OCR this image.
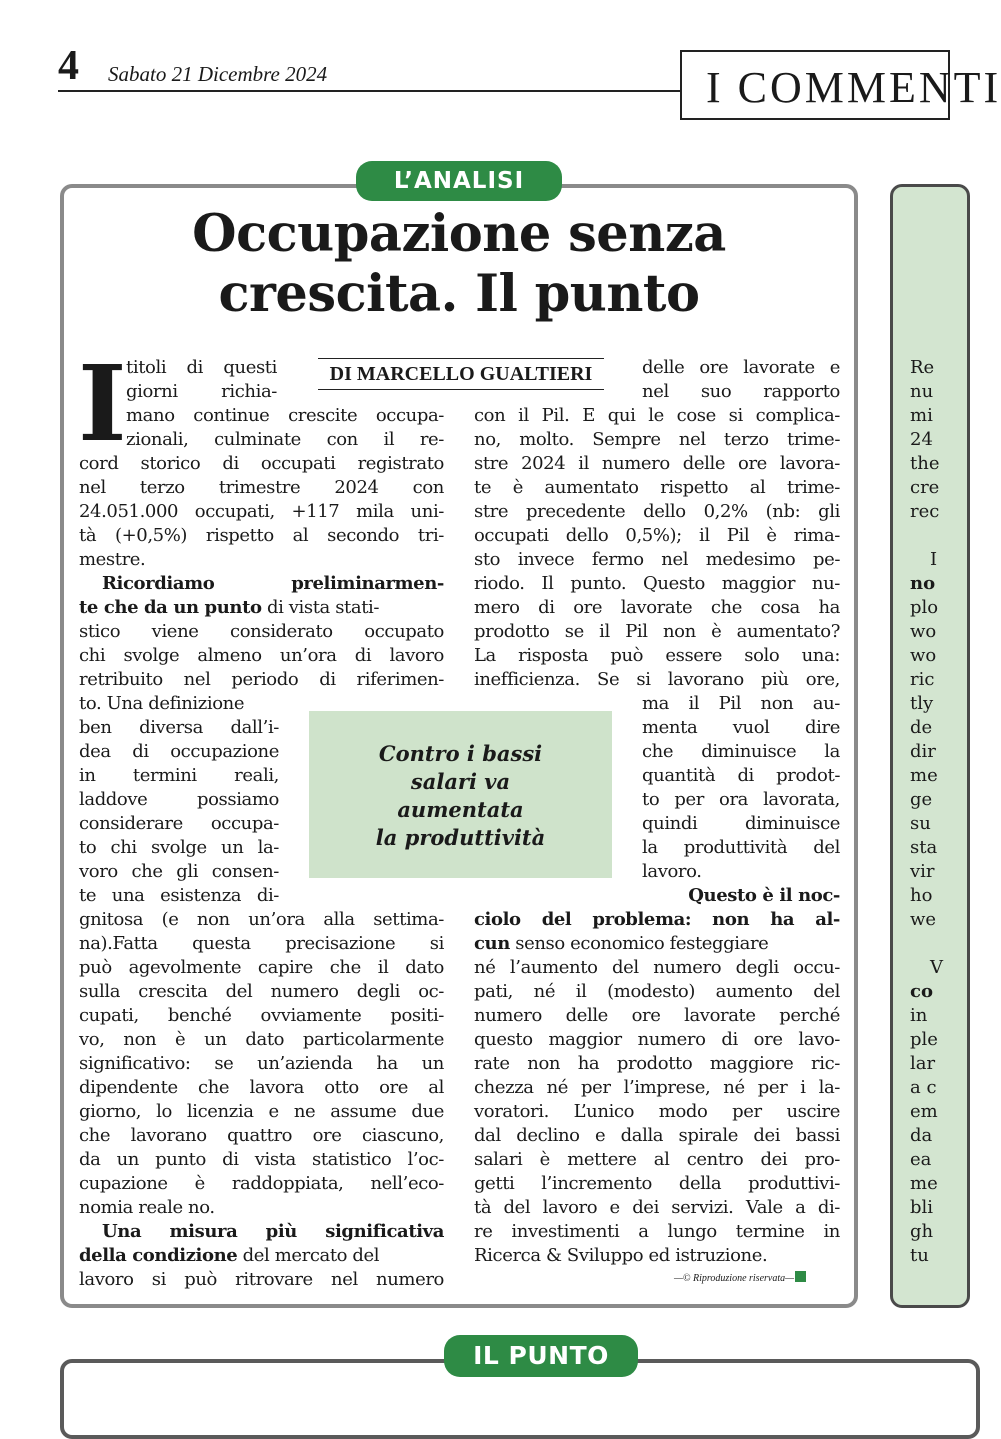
4 Sabato 21 Dicembre 2024	I COMMENTI
L’ANALISI
Occupazione senza
crescita. Il punto
DI MARCELLO GUALTIERI
I titoli di questi
giorni richia-
mano continue crescite occupa-
zionali, culminate con il re-
cord storico di occupati registrato
nel terzo trimestre 2024 con
24.051.000 occupati, +117 mila uni-
tà (+0,5%) rispetto al secondo tri-
mestre.
Ricordiamo preliminarmen-
te che da un punto di vista stati-
stico viene considerato occupato
chi svolge almeno un’ora di lavoro
retribuito nel periodo di riferimen-
to. Una definizione
ben diversa dall’i-
dea di occupazione
in termini reali,
laddove possiamo
considerare occupa-
to chi svolge un la-
voro che gli consen-
te una esistenza di-
gnitosa (e non un’ora alla settima-
na).Fatta questa precisazione si
può agevolmente capire che il dato
sulla crescita del numero degli oc-
cupati, benché ovviamente positi-
vo, non è un dato particolarmente
significativo: se un’azienda ha un
dipendente che lavora otto ore al
giorno, lo licenzia e ne assume due
che lavorano quattro ore ciascuno,
da un punto di vista statistico l’oc-
cupazione è raddoppiata, nell’eco-
nomia reale no.
Una misura più significativa
della condizione del mercato del
lavoro si può ritrovare nel numero
delle ore lavorate e
nel suo rapporto
con il Pil. E qui le cose si complica-
no, molto. Sempre nel terzo trime-
stre 2024 il numero delle ore lavora-
te è aumentato rispetto al trime-
stre precedente dello 0,2% (nb: gli
occupati dello 0,5%); il Pil è rima-
sto invece fermo nel medesimo pe-
riodo. Il punto. Questo maggior nu-
mero di ore lavorate che cosa ha
prodotto se il Pil non è aumentato?
La risposta può essere solo una:
inefficienza. Se si lavorano più ore,
ma il Pil non au-
menta vuol dire
che diminuisce la
quantità di prodot-
to per ora lavorata,
quindi diminuisce
la produttività del
lavoro.
Questo è il noc-
ciolo del problema: non ha al-
cun senso economico festeggiare
né l’aumento del numero degli occu-
pati, né il (modesto) aumento del
numero delle ore lavorate perché
questo maggior numero di ore lavo-
rate non ha prodotto maggiore ric-
chezza né per l’imprese, né per i la-
voratori. L’unico modo per uscire
dal declino e dalla spirale dei bassi
salari è mettere al centro dei pro-
getti l’incremento della produttivi-
tà del lavoro e dei servizi. Vale a di-
re investimenti a lungo termine in
Ricerca & Sviluppo ed istruzione.
Contro i bassi
salari va
aumentata
la produttività
—© Riproduzione riservata—
Re
nu
mi
24
the
cre
rec
I
no
plo
wo
wo
ric
tly
de
dir
me
ge
su
sta
vir
ho
we
V
co
in
ple
lar
a c
em
da
ea
me
bli
gh
tu
IL PUNTO
